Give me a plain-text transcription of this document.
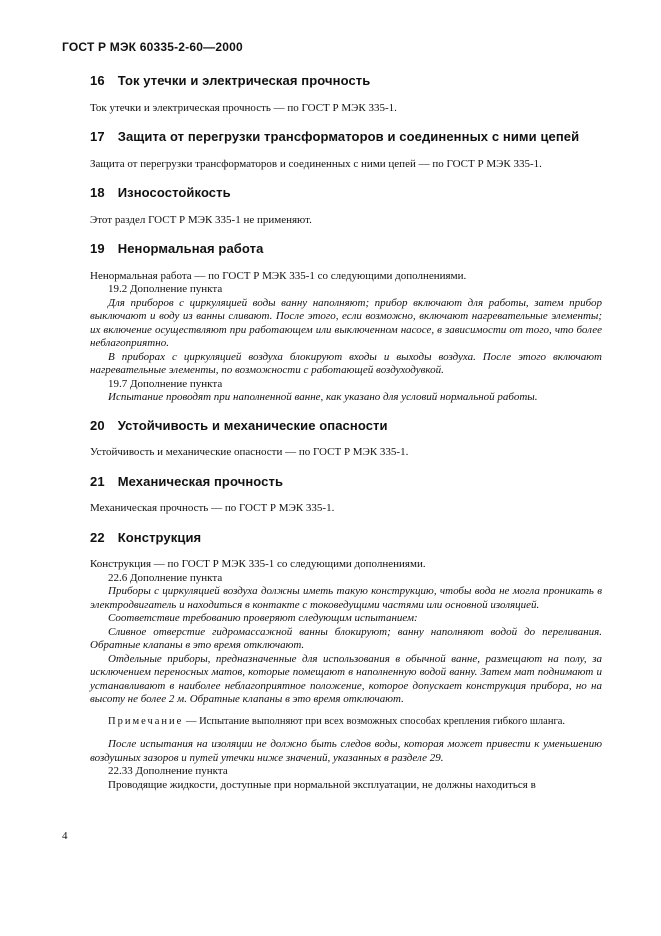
ГОСТ Р МЭК 60335-2-60—2000
16 Ток утечки и электрическая прочность

Ток утечки и электрическая прочность — по ГОСТ Р МЭК 335-1.

17 Защита от перегрузки трансформаторов и соединенных с ними цепей

Защита от перегрузки трансформаторов и соединенных с ними цепей — по ГОСТ Р МЭК 335-1.

18 Износостойкость

Этот раздел ГОСТ Р МЭК 335-1 не применяют.

19 Ненормальная работа

Ненормальная работа — по ГОСТ Р МЭК 335-1 со следующими дополнениями.

19.2 Дополнение пункта

Для приборов с циркуляцией воды ванну наполняют; прибор включают для работы, затем прибор выключают и воду из ванны сливают. После этого, если возможно, включают нагревательные элементы; их включение осуществляют при работающем или выключенном насосе, в зависимости от того, что более неблагоприятно.

В приборах с циркуляцией воздуха блокируют входы и выходы воздуха. После этого включают нагревательные элементы, по возможности с работающей воздуходувкой.

19.7 Дополнение пункта

Испытание проводят при наполненной ванне, как указано для условий нормальной работы.

20 Устойчивость и механические опасности

Устойчивость и механические опасности — по ГОСТ Р МЭК 335-1.

21 Механическая прочность

Механическая прочность — по ГОСТ Р МЭК 335-1.

22 Конструкция

Конструкция — по ГОСТ Р МЭК 335-1 со следующими дополнениями.

22.6 Дополнение пункта

Приборы с циркуляцией воздуха должны иметь такую конструкцию, чтобы вода не могла проникать в электродвигатель и находиться в контакте с токоведущими частями или основной изоляцией.

Соответствие требованию проверяют следующим испытанием:

Сливное отверстие гидромассажной ванны блокируют; ванну наполняют водой до переливания. Обратные клапаны в это время отключают.

Отдельные приборы, предназначенные для использования в обычной ванне, размещают на полу, за исключением переносных матов, которые помещают в наполненную водой ванну. Затем мат поднимают и устанавливают в наиболее неблагоприятное положение, которое допускает конструкция прибора, но на высоту не более 2 м. Обратные клапаны в это время отключают.

Примечание — Испытание выполняют при всех возможных способах крепления гибкого шланга.

После испытания на изоляции не должно быть следов воды, которая может привести к уменьшению воздушных зазоров и путей утечки ниже значений, указанных в разделе 29.

22.33 Дополнение пункта

Проводящие жидкости, доступные при нормальной эксплуатации, не должны находиться в

4
